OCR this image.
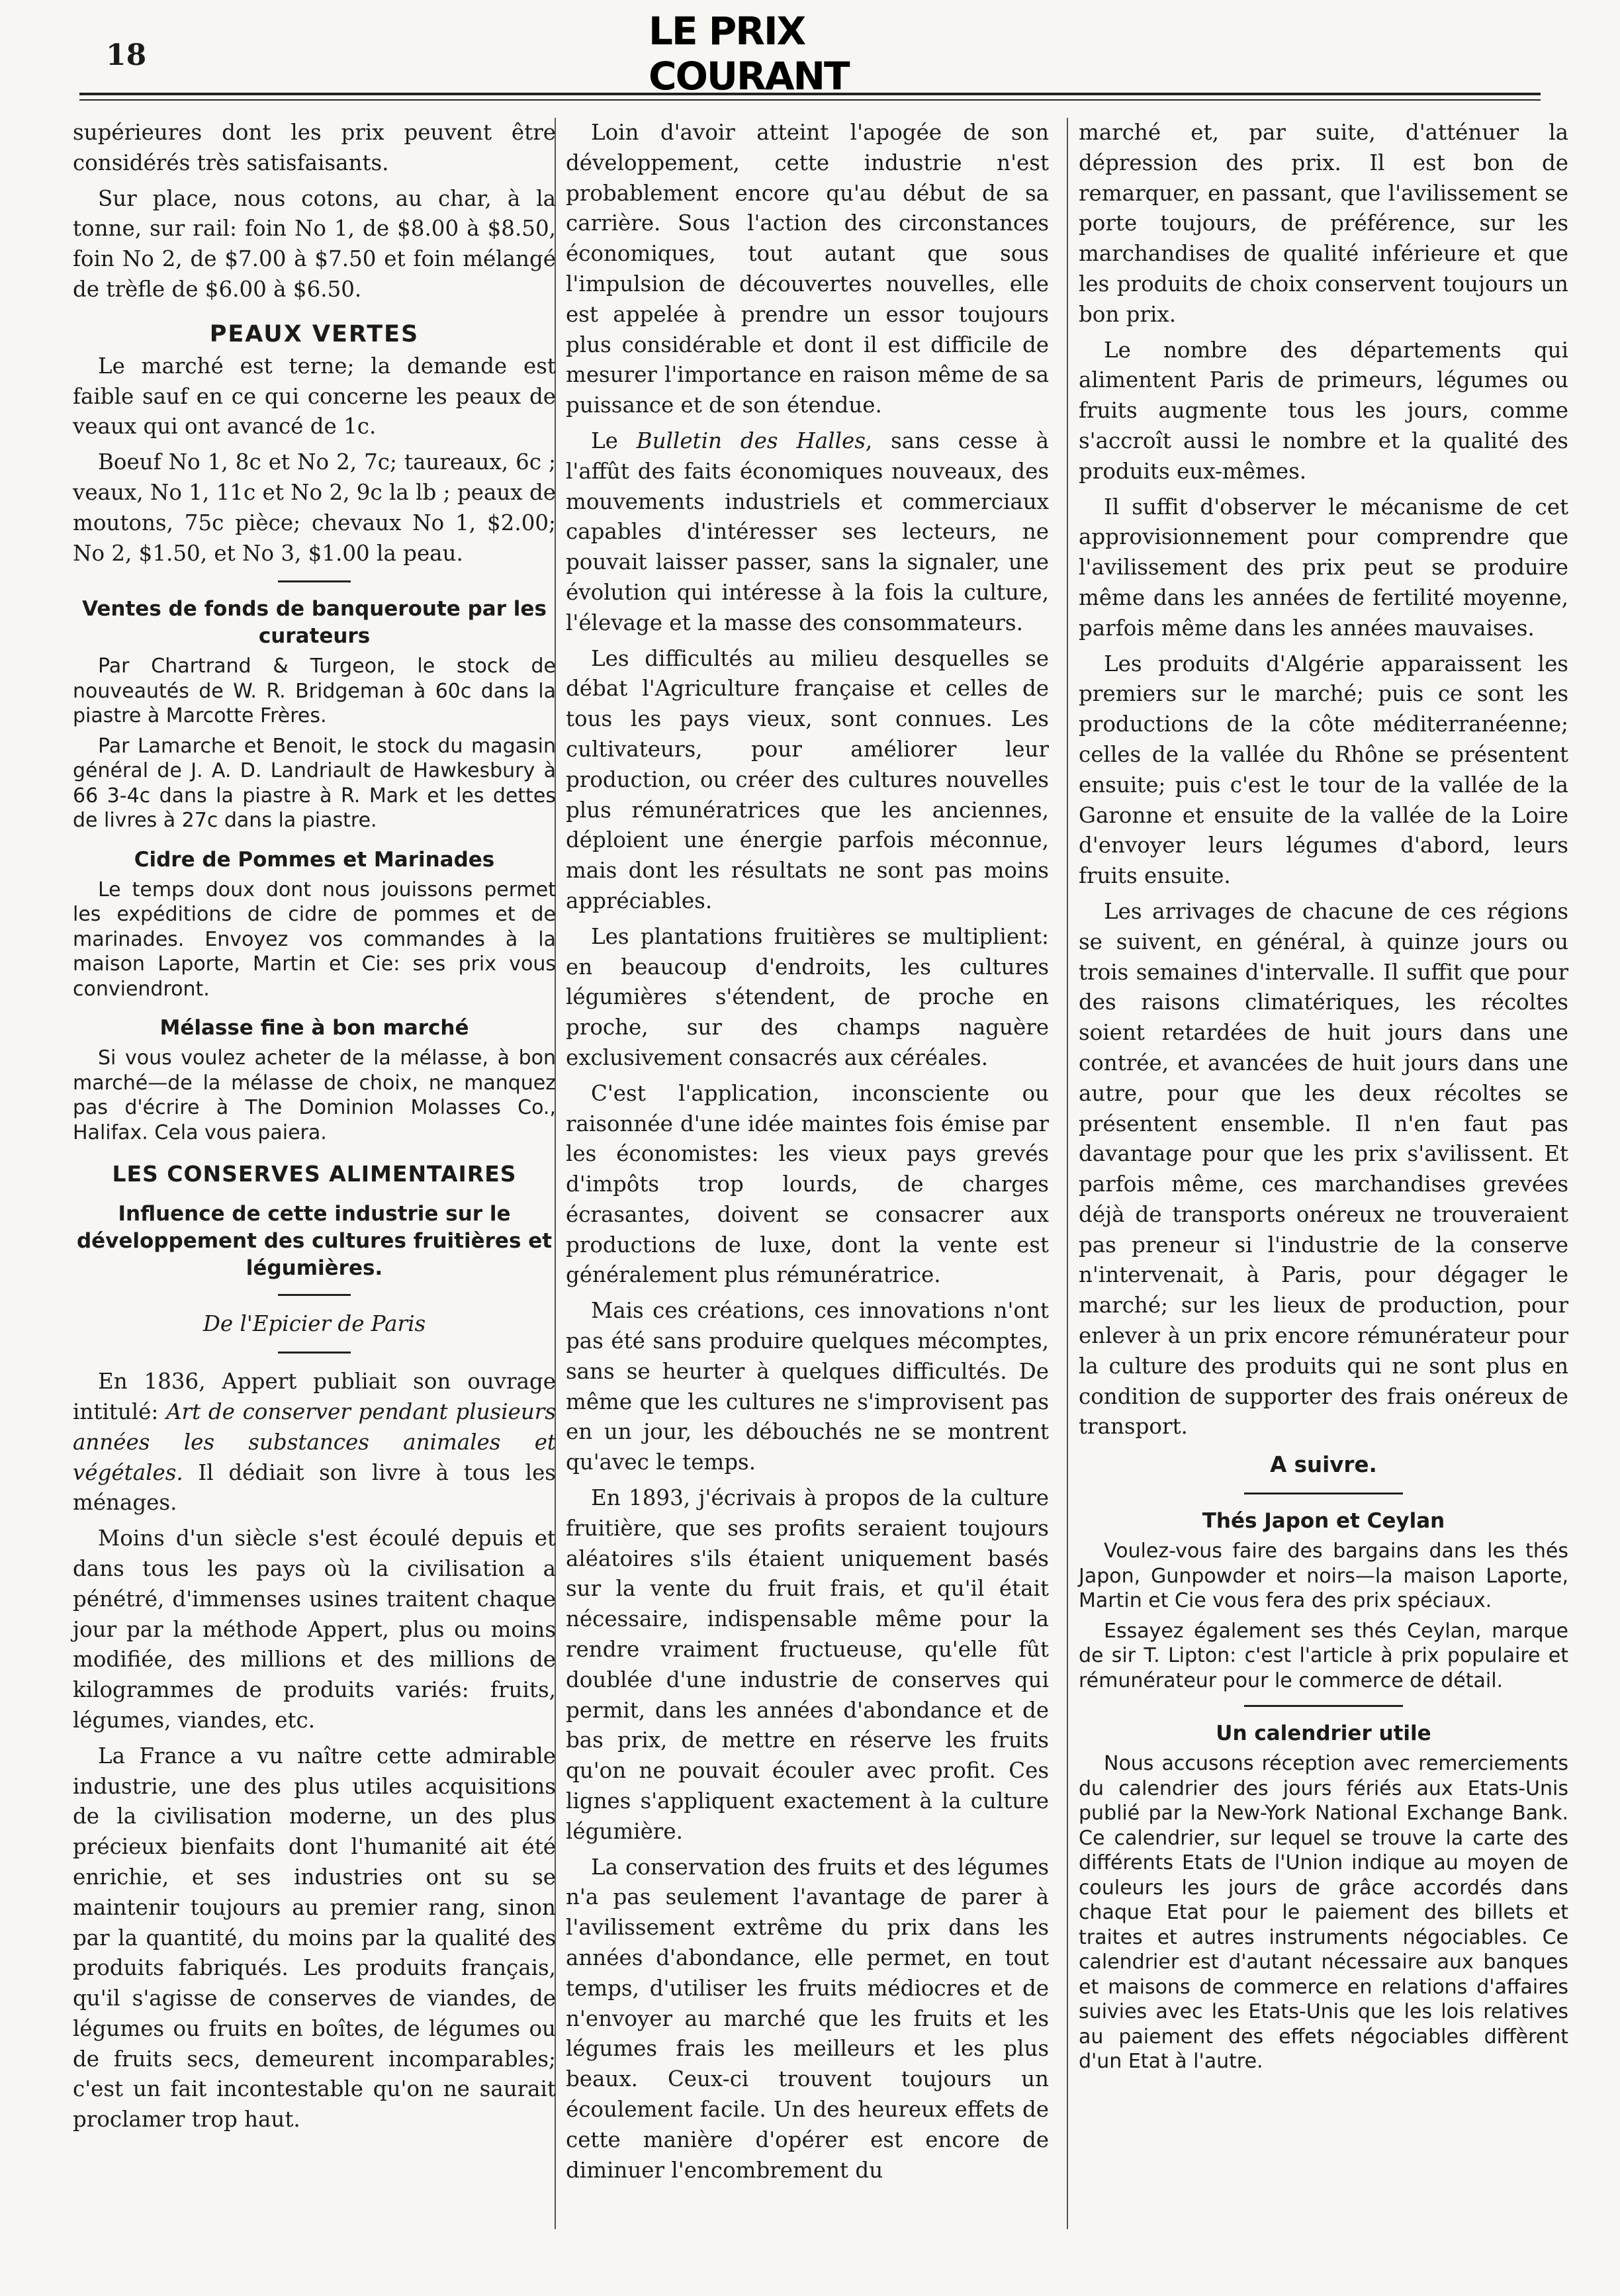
18
LE PRIX COURANT

supérieures dont les prix peuvent être considérés très satisfaisants.

Sur place, nous cotons, au char, à la tonne, sur rail: foin No 1, de $8.00 à $8.50, foin No 2, de $7.00 à $7.50 et foin mélangé de trèfle de $6.00 à $6.50.

PEAUX VERTES

Le marché est terne; la demande est faible sauf en ce qui concerne les peaux de veaux qui ont avancé de 1c.

Boeuf No 1, 8c et No 2, 7c; taureaux, 6c ; veaux, No 1, 11c et No 2, 9c la lb ; peaux de moutons, 75c pièce; chevaux No 1, $2.00; No 2, $1.50, et No 3, $1.00 la peau.

Ventes de fonds de banqueroute par les curateurs

Par Chartrand & Turgeon, le stock de nouveautés de W. R. Bridgeman à 60c dans la piastre à Marcotte Frères.

Par Lamarche et Benoit, le stock du magasin général de J. A. D. Landriault de Hawkesbury à 66 3-4c dans la piastre à R. Mark et les dettes de livres à 27c dans la piastre.

Cidre de Pommes et Marinades

Le temps doux dont nous jouissons permet les expéditions de cidre de pommes et de marinades. Envoyez vos commandes à la maison Laporte, Martin et Cie: ses prix vous conviendront.

Mélasse fine à bon marché

Si vous voulez acheter de la mélasse, à bon marché—de la mélasse de choix, ne manquez pas d'écrire à The Dominion Molasses Co., Halifax. Cela vous paiera.

LES CONSERVES ALIMENTAIRES
Influence de cette industrie sur le développement des cultures fruitières et légumières.
De l'Epicier de Paris

En 1836, Appert publiait son ouvrage intitulé: Art de conserver pendant plusieurs années les substances animales et végétales. Il dédiait son livre à tous les ménages.

Moins d'un siècle s'est écoulé depuis et dans tous les pays où la civilisation a pénétré, d'immenses usines traitent chaque jour par la méthode Appert, plus ou moins modifiée, des millions et des millions de kilogrammes de produits variés: fruits, légumes, viandes, etc.

La France a vu naître cette admirable industrie, une des plus utiles acquisitions de la civilisation moderne, un des plus précieux bienfaits dont l'humanité ait été enrichie, et ses industries ont su se maintenir toujours au premier rang, sinon par la quantité, du moins par la qualité des produits fabriqués. Les produits français, qu'il s'agisse de conserves de viandes, de légumes ou fruits en boîtes, de légumes ou de fruits secs, demeurent incomparables; c'est un fait incontestable qu'on ne saurait proclamer trop haut.

Loin d'avoir atteint l'apogée de son développement, cette industrie n'est probablement encore qu'au début de sa carrière. Sous l'action des circonstances économiques, tout autant que sous l'impulsion de découvertes nouvelles, elle est appelée à prendre un essor toujours plus considérable et dont il est difficile de mesurer l'importance en raison même de sa puissance et de son étendue.

Le Bulletin des Halles, sans cesse à l'affût des faits économiques nouveaux, des mouvements industriels et commerciaux capables d'intéresser ses lecteurs, ne pouvait laisser passer, sans la signaler, une évolution qui intéresse à la fois la culture, l'élevage et la masse des consommateurs.

Les difficultés au milieu desquelles se débat l'Agriculture française et celles de tous les pays vieux, sont connues. Les cultivateurs, pour améliorer leur production, ou créer des cultures nouvelles plus rémunératrices que les anciennes, déploient une énergie parfois méconnue, mais dont les résultats ne sont pas moins appréciables.

Les plantations fruitières se multiplient: en beaucoup d'endroits, les cultures légumières s'étendent, de proche en proche, sur des champs naguère exclusivement consacrés aux céréales.

C'est l'application, inconsciente ou raisonnée d'une idée maintes fois émise par les économistes: les vieux pays grevés d'impôts trop lourds, de charges écrasantes, doivent se consacrer aux productions de luxe, dont la vente est généralement plus rémunératrice.

Mais ces créations, ces innovations n'ont pas été sans produire quelques mécomptes, sans se heurter à quelques difficultés. De même que les cultures ne s'improvisent pas en un jour, les débouchés ne se montrent qu'avec le temps.

En 1893, j'écrivais à propos de la culture fruitière, que ses profits seraient toujours aléatoires s'ils étaient uniquement basés sur la vente du fruit frais, et qu'il était nécessaire, indispensable même pour la rendre vraiment fructueuse, qu'elle fût doublée d'une industrie de conserves qui permit, dans les années d'abondance et de bas prix, de mettre en réserve les fruits qu'on ne pouvait écouler avec profit. Ces lignes s'appliquent exactement à la culture légumière.

La conservation des fruits et des légumes n'a pas seulement l'avantage de parer à l'avilissement extrême du prix dans les années d'abondance, elle permet, en tout temps, d'utiliser les fruits médiocres et de n'envoyer au marché que les fruits et les légumes frais les meilleurs et les plus beaux. Ceux-ci trouvent toujours un écoulement facile. Un des heureux effets de cette manière d'opérer est encore de diminuer l'encombrement du

marché et, par suite, d'atténuer la dépression des prix. Il est bon de remarquer, en passant, que l'avilissement se porte toujours, de préférence, sur les marchandises de qualité inférieure et que les produits de choix conservent toujours un bon prix.

Le nombre des départements qui alimentent Paris de primeurs, légumes ou fruits augmente tous les jours, comme s'accroît aussi le nombre et la qualité des produits eux-mêmes.

Il suffit d'observer le mécanisme de cet approvisionnement pour comprendre que l'avilissement des prix peut se produire même dans les années de fertilité moyenne, parfois même dans les années mauvaises.

Les produits d'Algérie apparaissent les premiers sur le marché; puis ce sont les productions de la côte méditerranéenne; celles de la vallée du Rhône se présentent ensuite; puis c'est le tour de la vallée de la Garonne et ensuite de la vallée de la Loire d'envoyer leurs légumes d'abord, leurs fruits ensuite.

Les arrivages de chacune de ces régions se suivent, en général, à quinze jours ou trois semaines d'intervalle. Il suffit que pour des raisons climatériques, les récoltes soient retardées de huit jours dans une contrée, et avancées de huit jours dans une autre, pour que les deux récoltes se présentent ensemble. Il n'en faut pas davantage pour que les prix s'avilissent. Et parfois même, ces marchandises grevées déjà de transports onéreux ne trouveraient pas preneur si l'industrie de la conserve n'intervenait, à Paris, pour dégager le marché; sur les lieux de production, pour enlever à un prix encore rémunérateur pour la culture des produits qui ne sont plus en condition de supporter des frais onéreux de transport.

A suivre.
Thés Japon et Ceylan

Voulez-vous faire des bargains dans les thés Japon, Gunpowder et noirs—la maison Laporte, Martin et Cie vous fera des prix spéciaux.

Essayez également ses thés Ceylan, marque de sir T. Lipton: c'est l'article à prix populaire et rémunérateur pour le commerce de détail.

Un calendrier utile

Nous accusons réception avec remerciements du calendrier des jours fériés aux Etats-Unis publié par la New-York National Exchange Bank. Ce calendrier, sur lequel se trouve la carte des différents Etats de l'Union indique au moyen de couleurs les jours de grâce accordés dans chaque Etat pour le paiement des billets et traites et autres instruments négociables. Ce calendrier est d'autant nécessaire aux banques et maisons de commerce en relations d'affaires suivies avec les Etats-Unis que les lois relatives au paiement des effets négociables diffèrent d'un Etat à l'autre.
